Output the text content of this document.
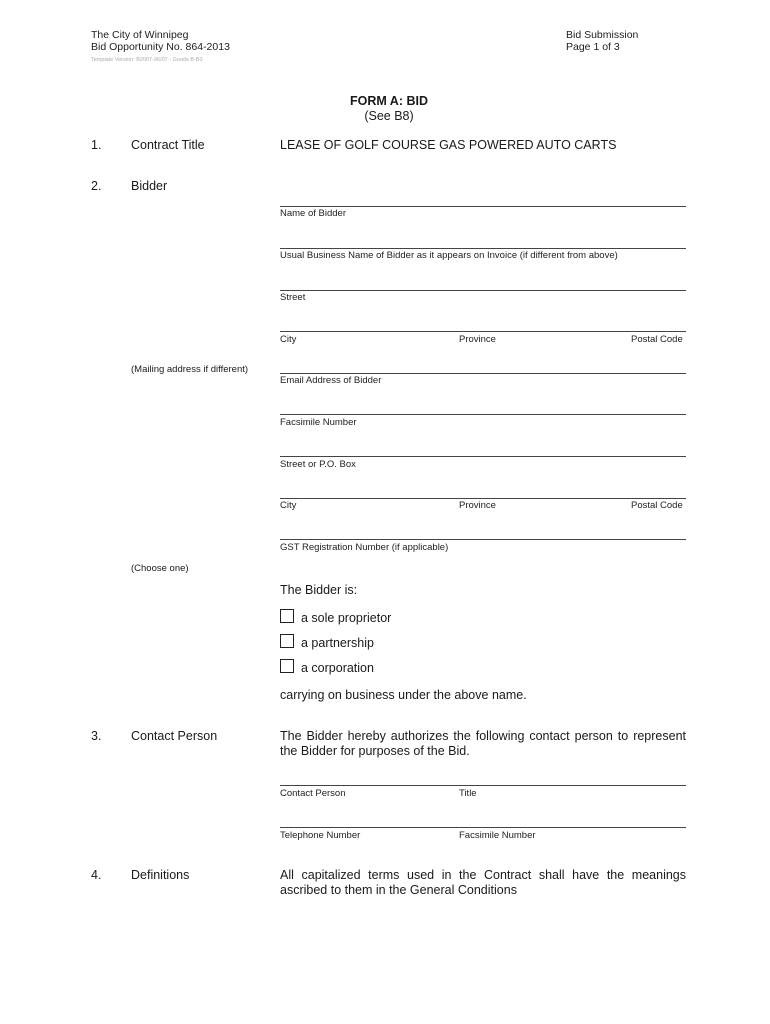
The City of Winnipeg
Bid Opportunity No. 864-2013
Template Version: B2007-06/07 - Goods B·B3
Bid Submission
Page 1 of 3
FORM A: BID
(See B8)
1. Contract Title	LEASE OF GOLF COURSE GAS POWERED AUTO CARTS
2. Bidder
Name of Bidder
Usual Business Name of Bidder as it appears on Invoice (if different from above)
Street
City	Province	Postal Code
(Mailing address if different)
Email Address of Bidder
Facsimile Number
Street or P.O. Box
City	Province	Postal Code
GST Registration Number (if applicable)
(Choose one)
The Bidder is:
a sole proprietor
a partnership
a corporation
carrying on business under the above name.
3. Contact Person	The Bidder hereby authorizes the following contact person to represent the Bidder for purposes of the Bid.
Contact Person	Title
Telephone Number	Facsimile Number
4. Definitions	All capitalized terms used in the Contract shall have the meanings ascribed to them in the General Conditions
